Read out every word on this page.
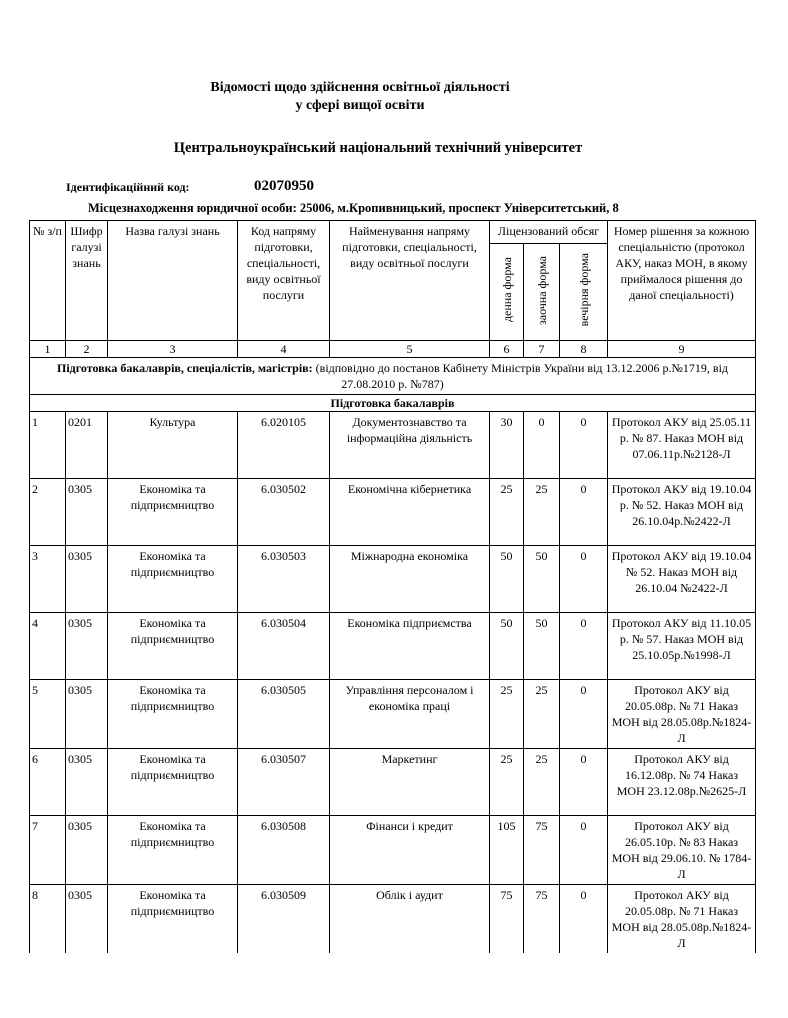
Відомості щодо здійснення освітньої діяльності
у сфері вищої освіти
Центральноукраїнський національний технічний університет
Ідентифікаційний код:	02070950
Місцезнаходження юридичної особи: 25006, м.Кропивницький, проспект Університетський, 8
№ з/п	Шифр галузі знань	Назва галузі знань	Код напряму підготовки, спеціальності, виду освітньої послуги	Найменування напряму підготовки, спеціальності, виду освітньої послуги	Ліцензований обсяг			Номер рішення за кожною спеціальністю (протокол АКУ, наказ МОН, в якому приймалося рішення до даної спеціальності)
					денна форма	заочна форма	вечірня форма	
1	2	3	4	5	6	7	8	9
Підготовка бакалаврів, спеціалістів, магістрів: (відповідно до постанов Кабінету Міністрів України від 13.12.2006 р.№1719, від 27.08.2010 р. №787)								
Підготовка бакалаврів								
1	0201	Культура	6.020105	Документознавство та інформаційна діяльність	30	0	0	Протокол АКУ від 25.05.11 р. № 87. Наказ МОН від 07.06.11р.№2128-Л
2	0305	Економіка та підприємництво	6.030502	Економічна кібернетика	25	25	0	Протокол АКУ від 19.10.04 р. № 52. Наказ МОН від 26.10.04р.№2422-Л
3	0305	Економіка та підприємництво	6.030503	Міжнародна економіка	50	50	0	Протокол АКУ від 19.10.04 № 52. Наказ МОН від 26.10.04 №2422-Л
4	0305	Економіка та підприємництво	6.030504	Економіка підприємства	50	50	0	Протокол АКУ від 11.10.05 р. № 57. Наказ МОН від 25.10.05р.№1998-Л
5	0305	Економіка та підприємництво	6.030505	Управління персоналом і економіка праці	25	25	0	Протокол АКУ від 20.05.08р. № 71 Наказ МОН від 28.05.08р.№1824-Л
6	0305	Економіка та підприємництво	6.030507	Маркетинг	25	25	0	Протокол АКУ від 16.12.08р. № 74 Наказ МОН 23.12.08р.№2625-Л
7	0305	Економіка та підприємництво	6.030508	Фінанси і кредит	105	75	0	Протокол АКУ від 26.05.10р. № 83 Наказ МОН від 29.06.10. № 1784-Л
8	0305	Економіка та підприємництво	6.030509	Облік і аудит	75	75	0	Протокол АКУ від 20.05.08р. № 71 Наказ МОН від 28.05.08р.№1824-Л
